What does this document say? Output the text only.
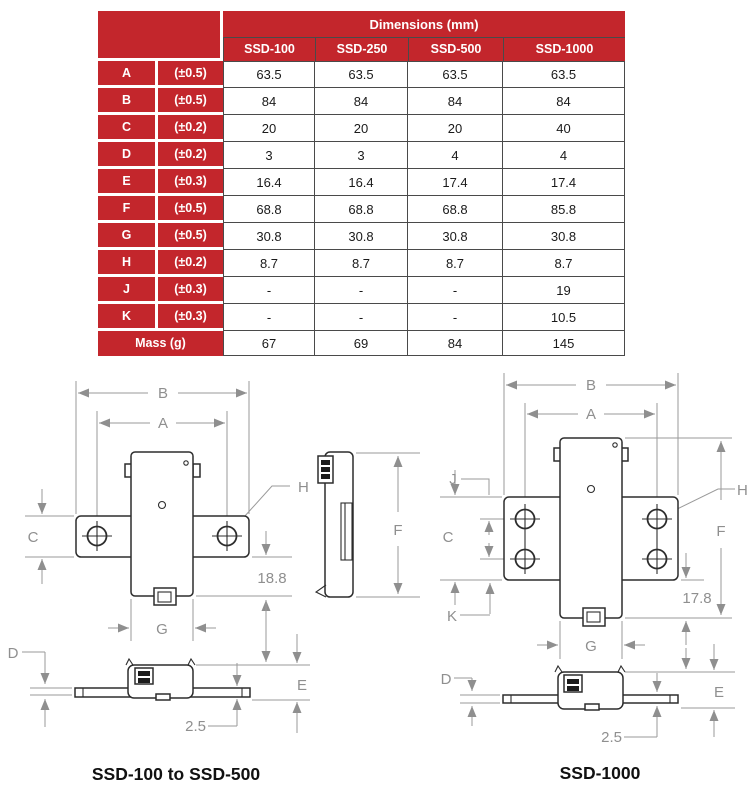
		Dimensions (mm)			
		SSD-100	SSD-250	SSD-500	SSD-1000
A	(±0.5)	63.5	63.5	63.5	63.5
B	(±0.5)	84	84	84	84
C	(±0.2)	20	20	20	40
D	(±0.2)	3	3	4	4
E	(±0.3)	16.4	16.4	17.4	17.4
F	(±0.5)	68.8	68.8	68.8	85.8
G	(±0.5)	30.8	30.8	30.8	30.8
H	(±0.2)	8.7	8.7	8.7	8.7
J	(±0.3)	-	-	-	19
K	(±0.3)	-	-	-	10.5
Mass (g)		67	69	84	145
B
A
C
H
18.8
G
D
E
2.5
F
B
A
J
C
K
H
F
17.8
G
D
E
2.5
SSD-100 to SSD-500	SSD-1000
